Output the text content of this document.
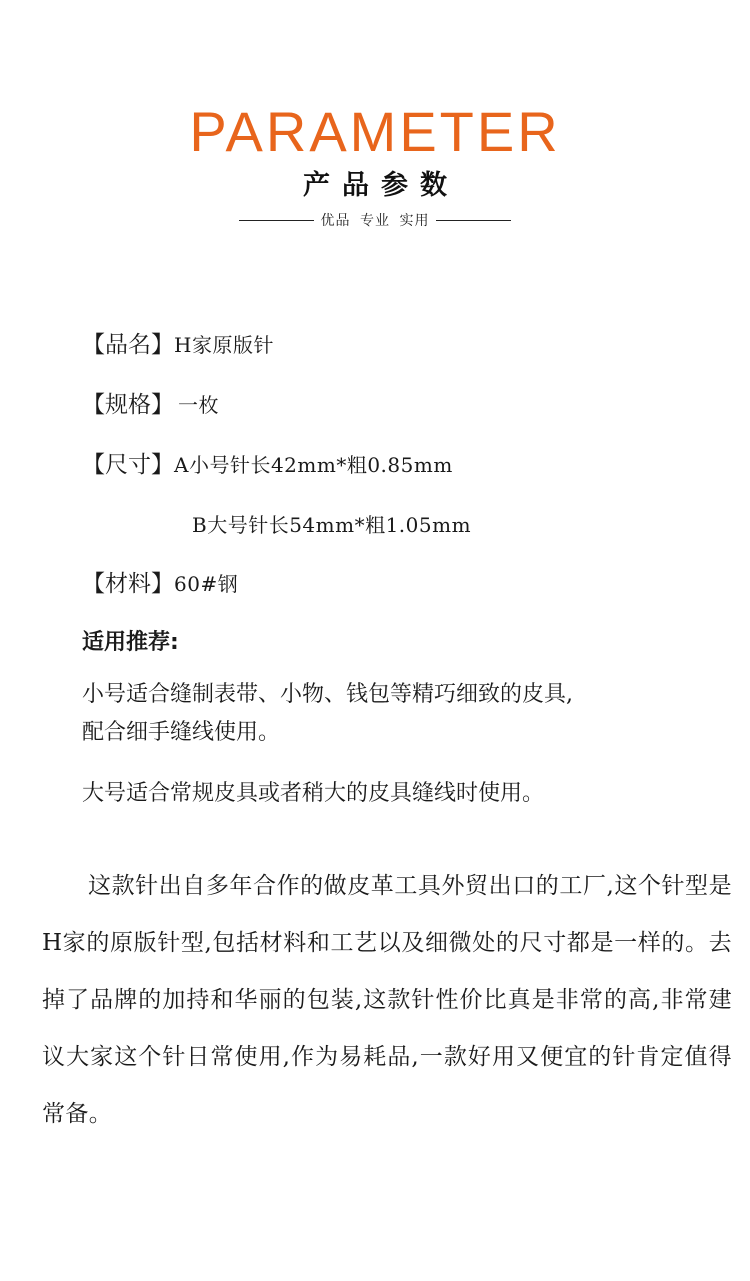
PARAMETER
产品参数
优品 专业 实用
【品名】H家原版针
【规格】 一枚
【尺寸】A小号针长42mm*粗0.85mm
B大号针长54mm*粗1.05mm
【材料】60#钢
适用推荐:
小号适合缝制表带、小物、钱包等精巧细致的皮具,
配合细手缝线使用。
大号适合常规皮具或者稍大的皮具缝线时使用。
这款针出自多年合作的做皮革工具外贸出口的工厂,这个针型是H家的原版针型,包括材料和工艺以及细微处的尺寸都是一样的。去掉了品牌的加持和华丽的包装,这款针性价比真是非常的高,非常建议大家这个针日常使用,作为易耗品,一款好用又便宜的针肯定值得常备。
